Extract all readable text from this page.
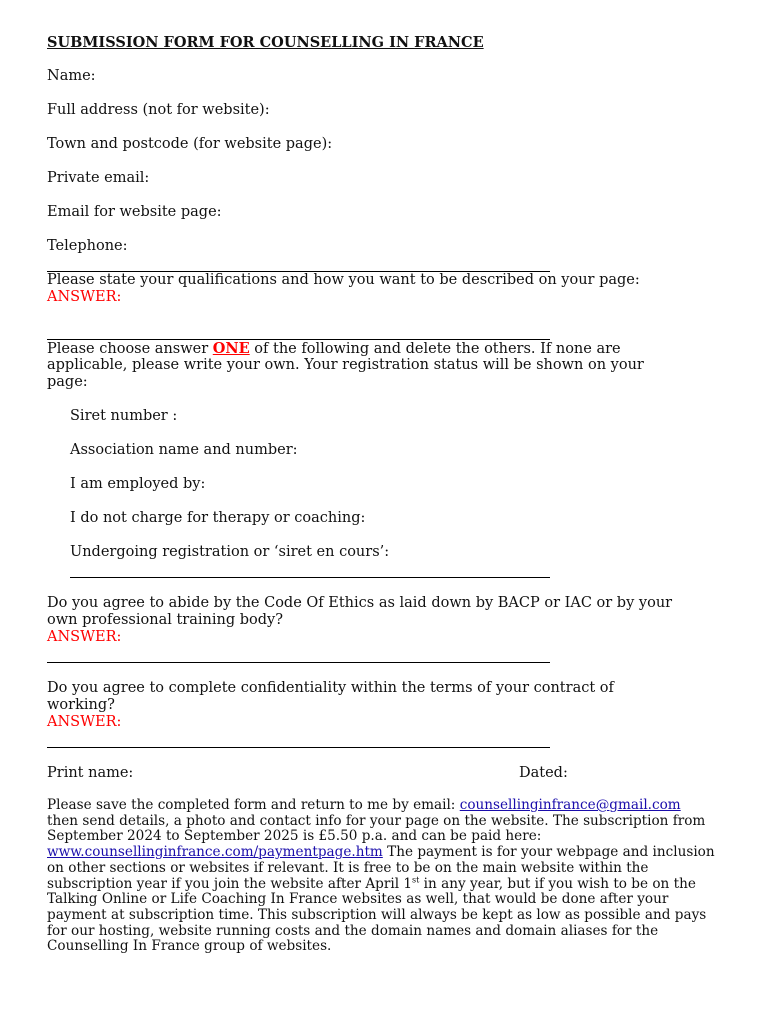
SUBMISSION FORM FOR COUNSELLING IN FRANCE
Name:
Full address (not for website):
Town and postcode (for website page):
Private email:
Email for website page:
Telephone:
Please state your qualifications and how you want to be described on your page:
ANSWER:
Please choose answer ONE of the following and delete the others. If none are
applicable, please write your own. Your registration status will be shown on your
page:
Siret number :
Association name and number:
I am employed by:
I do not charge for therapy or coaching:
Undergoing registration or ‘siret en cours’:
Do you agree to abide by the Code Of Ethics as laid down by BACP or IAC or by your
own professional training body?
ANSWER:
Do you agree to complete confidentiality within the terms of your contract of
working?
ANSWER:
Print name:	Dated:
Please save the completed form and return to me by email: counsellinginfrance@gmail.com
then send details, a photo and contact info for your page on the website. The subscription from September 2024 to September 2025 is £5.50 p.a. and can be paid here: www.counsellinginfrance.com/paymentpage.htm The payment is for your webpage and inclusion on other sections or websites if relevant. It is free to be on the main website within the subscription year if you join the website after April 1st in any year, but if you wish to be on the Talking Online or Life Coaching In France websites as well, that would be done after your payment at subscription time. This subscription will always be kept as low as possible and pays for our hosting, website running costs and the domain names and domain aliases for the Counselling In France group of websites.
